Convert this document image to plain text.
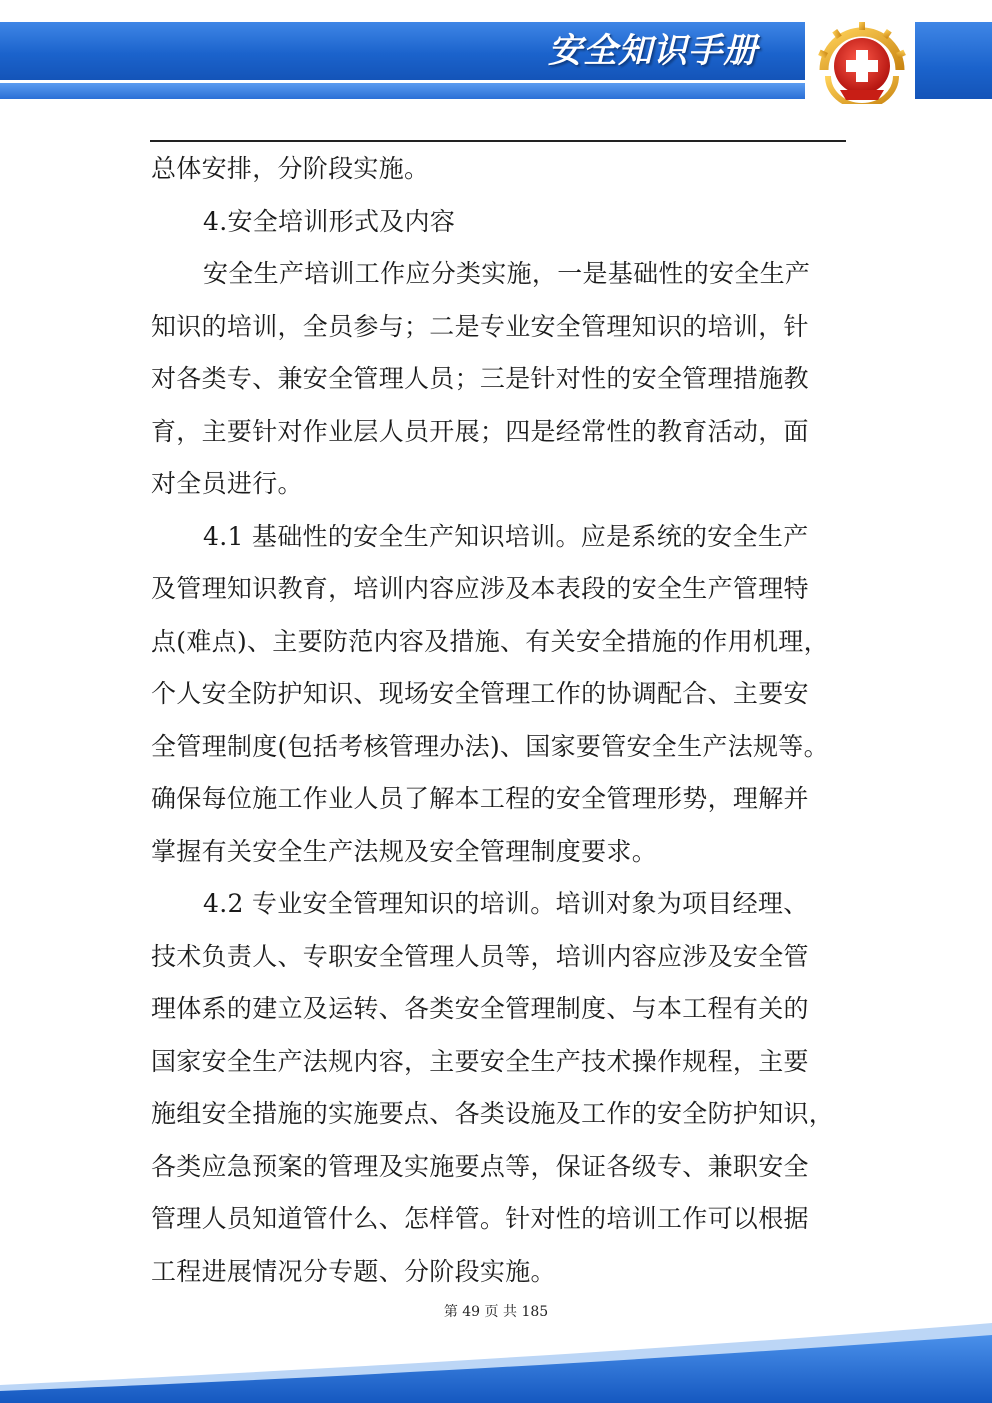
安全知识手册
总体安排，分阶段实施。
4.安全培训形式及内容
安全生产培训工作应分类实施，一是基础性的安全生产
知识的培训，全员参与；二是专业安全管理知识的培训，针
对各类专、兼安全管理人员；三是针对性的安全管理措施教
育，主要针对作业层人员开展；四是经常性的教育活动，面
对全员进行。
4.1 基础性的安全生产知识培训。应是系统的安全生产
及管理知识教育，培训内容应涉及本表段的安全生产管理特
点(难点)、主要防范内容及措施、有关安全措施的作用机理，
个人安全防护知识、现场安全管理工作的协调配合、主要安
全管理制度(包括考核管理办法)、国家要管安全生产法规等。
确保每位施工作业人员了解本工程的安全管理形势，理解并
掌握有关安全生产法规及安全管理制度要求。
4.2 专业安全管理知识的培训。培训对象为项目经理、
技术负责人、专职安全管理人员等，培训内容应涉及安全管
理体系的建立及运转、各类安全管理制度、与本工程有关的
国家安全生产法规内容，主要安全生产技术操作规程，主要
施组安全措施的实施要点、各类设施及工作的安全防护知识，
各类应急预案的管理及实施要点等，保证各级专、兼职安全
管理人员知道管什么、怎样管。针对性的培训工作可以根据
工程进展情况分专题、分阶段实施。
第 49 页 共 185
